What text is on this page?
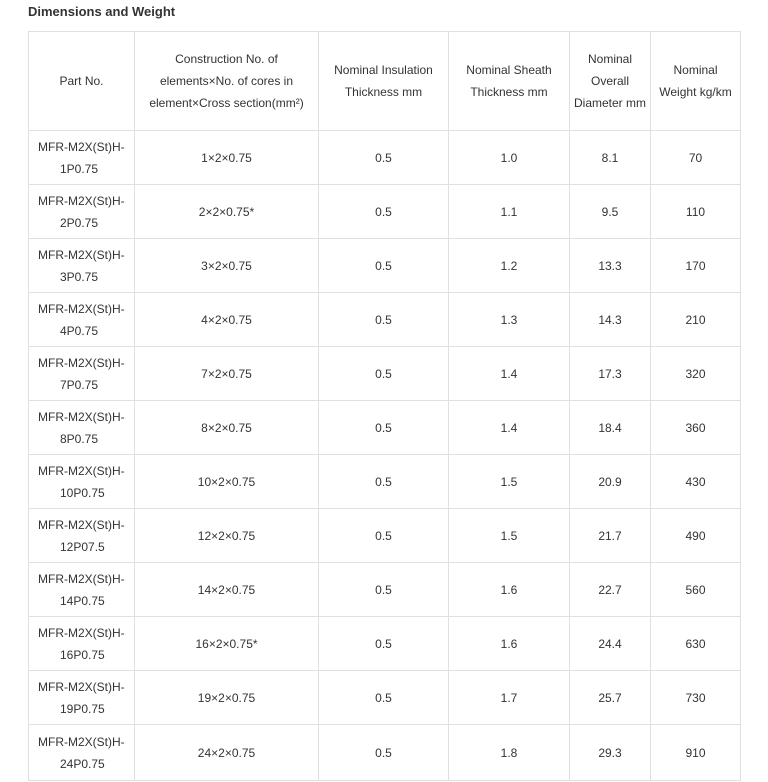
Dimensions and Weight
Part No.	Construction No. of elements×No. of cores in element×Cross section(mm²)	Nominal Insulation Thickness mm	Nominal Sheath Thickness mm	Nominal Overall Diameter mm	Nominal Weight kg/km

MFR-M2X(St)H-
1P0.75	1×2×0.75	0.5	1.0	8.1	70

MFR-M2X(St)H-
2P0.75	2×2×0.75*	0.5	1.1	9.5	110

MFR-M2X(St)H-
3P0.75	3×2×0.75	0.5	1.2	13.3	170

MFR-M2X(St)H-
4P0.75	4×2×0.75	0.5	1.3	14.3	210

MFR-M2X(St)H-
7P0.75	7×2×0.75	0.5	1.4	17.3	320

MFR-M2X(St)H-
8P0.75	8×2×0.75	0.5	1.4	18.4	360

MFR-M2X(St)H-
10P0.75	10×2×0.75	0.5	1.5	20.9	430

MFR-M2X(St)H-
12P07.5	12×2×0.75	0.5	1.5	21.7	490

MFR-M2X(St)H-
14P0.75	14×2×0.75	0.5	1.6	22.7	560

MFR-M2X(St)H-
16P0.75	16×2×0.75*	0.5	1.6	24.4	630

MFR-M2X(St)H-
19P0.75	19×2×0.75	0.5	1.7	25.7	730

MFR-M2X(St)H-
24P0.75	24×2×0.75	0.5	1.8	29.3	910
